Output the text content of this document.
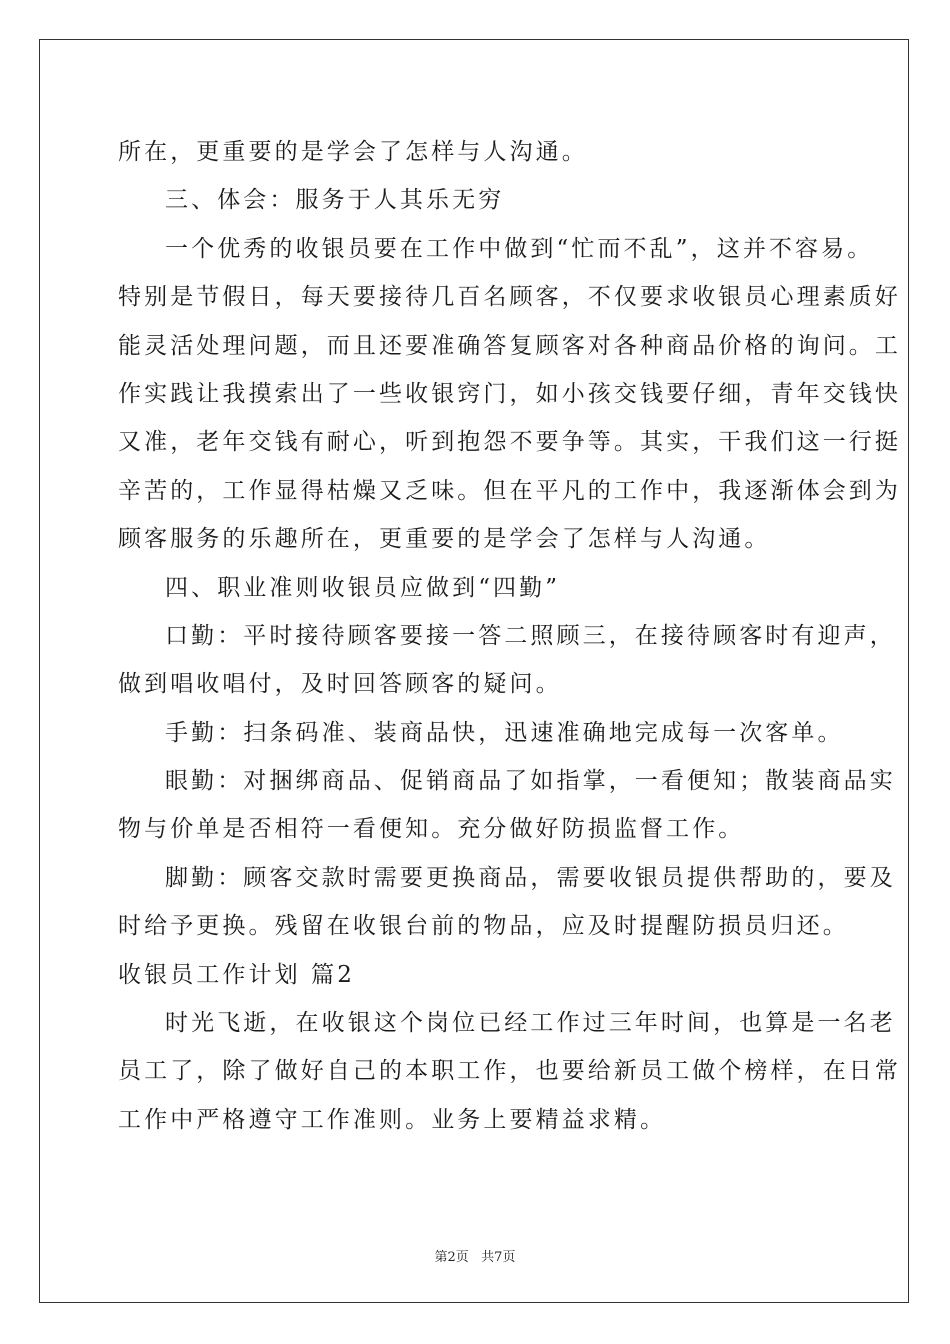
所在，更重要的是学会了怎样与人沟通。
三、体会：服务于人其乐无穷
一个优秀的收银员要在工作中做到“忙而不乱”，这并不容易。
特别是节假日，每天要接待几百名顾客，不仅要求收银员心理素质好
能灵活处理问题，而且还要准确答复顾客对各种商品价格的询问。工
作实践让我摸索出了一些收银窍门，如小孩交钱要仔细，青年交钱快
又准，老年交钱有耐心，听到抱怨不要争等。其实，干我们这一行挺
辛苦的，工作显得枯燥又乏味。但在平凡的工作中，我逐渐体会到为
顾客服务的乐趣所在，更重要的是学会了怎样与人沟通。
四、职业准则收银员应做到“四勤”
口勤：平时接待顾客要接一答二照顾三，在接待顾客时有迎声，
做到唱收唱付，及时回答顾客的疑问。
手勤：扫条码准、装商品快，迅速准确地完成每一次客单。
眼勤：对捆绑商品、促销商品了如指掌，一看便知；散装商品实
物与价单是否相符一看便知。充分做好防损监督工作。
脚勤：顾客交款时需要更换商品，需要收银员提供帮助的，要及
时给予更换。残留在收银台前的物品，应及时提醒防损员归还。
收银员工作计划 篇2
时光飞逝，在收银这个岗位已经工作过三年时间，也算是一名老
员工了，除了做好自己的本职工作，也要给新员工做个榜样，在日常
工作中严格遵守工作准则。业务上要精益求精。
第2页   共7页
